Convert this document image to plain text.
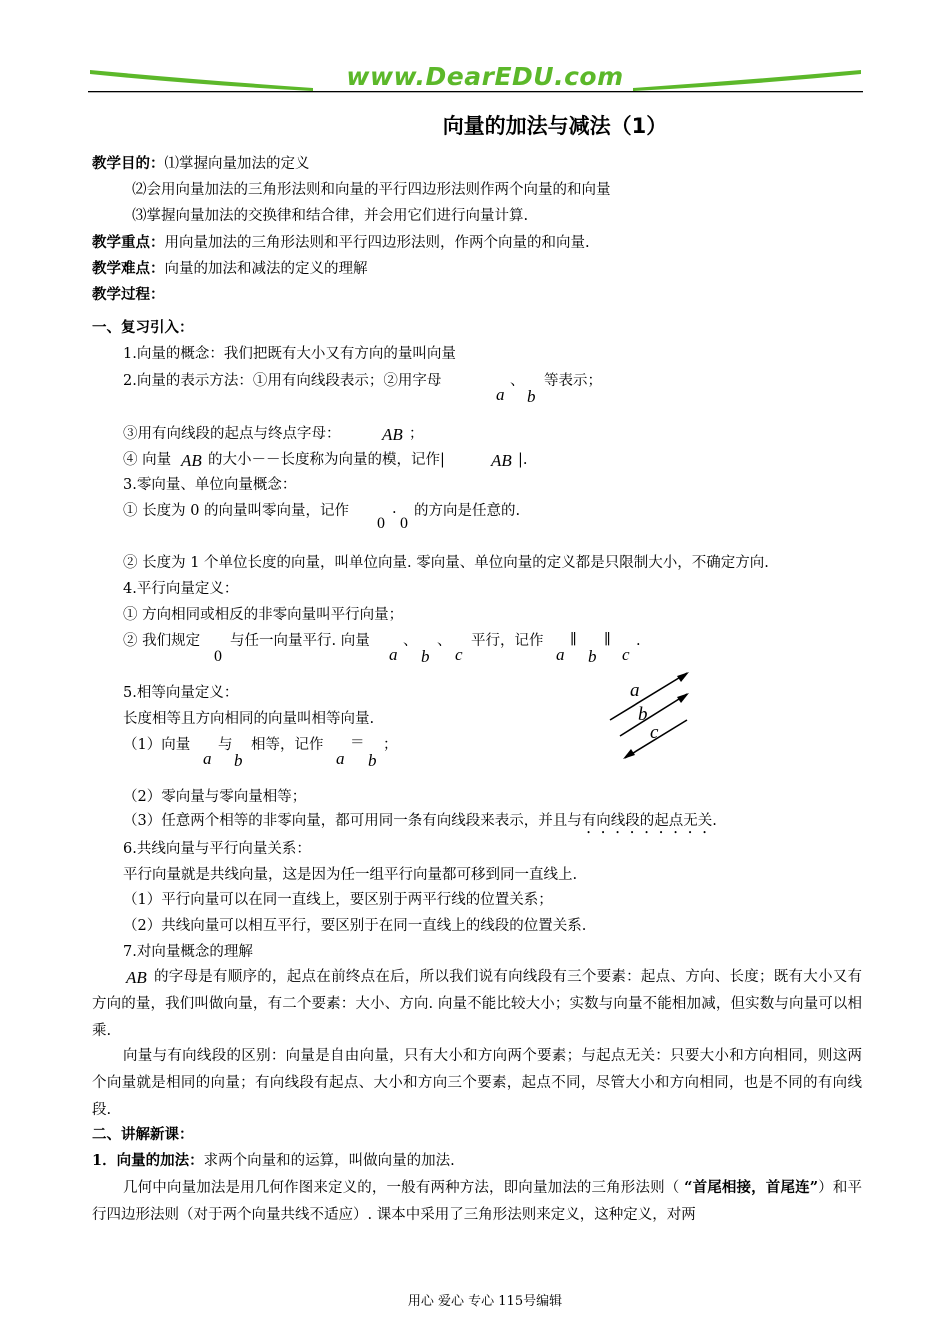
www.DearEDU.com
向量的加法与减法（1）
教学目的：⑴掌握向量加法的定义
⑵会用向量加法的三角形法则和向量的平行四边形法则作两个向量的和向量
⑶掌握向量加法的交换律和结合律，并会用它们进行向量计算.
教学重点：用向量加法的三角形法则和平行四边形法则，作两个向量的和向量.
教学难点：向量的加法和减法的定义的理解
教学过程：
一、复习引入：
1.向量的概念：我们把既有大小又有方向的量叫向量
2.向量的表示方法：①用有向线段表示；②用字母	、 等表示；
a b
③用有向线段的起点与终点字母： AB ；
④ 向量 AB 的大小－－长度称为向量的模，记作|	AB |.
3.零向量、单位向量概念：
① 长度为 0 的向量叫零向量，记作	.
0 0
的方向是任意的.
② 长度为 1 个单位长度的向量，叫单位向量. 零向量、单位向量的定义都是只限制大小，不确定方向.
4.平行向量定义：
① 方向相同或相反的非零向量叫平行向量；
② 我们规定
0
与任一向量平行. 向量
a
、
b
、
c
平行，记作
a
∥
b
∥
c
.
a
b
c
5.相等向量定义：
长度相等且方向相同的向量叫相等向量.
（1）向量
a
与
b
相等，记作
a
＝
b
；
（2）零向量与零向量相等；
（3）任意两个相等的非零向量，都可用同一条有向线段来表示，并且与有向线段的起点无关.
6.共线向量与平行向量关系：
平行向量就是共线向量，这是因为任一组平行向量都可移到同一直线上.
（1）平行向量可以在同一直线上，要区别于两平行线的位置关系；
（2）共线向量可以相互平行，要区别于在同一直线上的线段的位置关系.
7.对向量概念的理解
AB 的字母是有顺序的，起点在前终点在后，所以我们说有向线段有三个要素：起点、方向、长度；既有大小又有方向的量，我们叫做向量，有二个要素：大小、方向. 向量不能比较大小；实数与向量不能相加减，但实数与向量可以相乘.
向量与有向线段的区别：向量是自由向量，只有大小和方向两个要素；与起点无关：只要大小和方向相同，则这两个向量就是相同的向量；有向线段有起点、大小和方向三个要素，起点不同，尽管大小和方向相同，也是不同的有向线段.
二、讲解新课：
1．向量的加法：求两个向量和的运算，叫做向量的加法.
几何中向量加法是用几何作图来定义的，一般有两种方法，即向量加法的三角形法则（ “首尾相接，首尾连”）和平行四边形法则（对于两个向量共线不适应）. 课本中采用了三角形法则来定义，这种定义，对两
用心 爱心 专心 115号编辑
